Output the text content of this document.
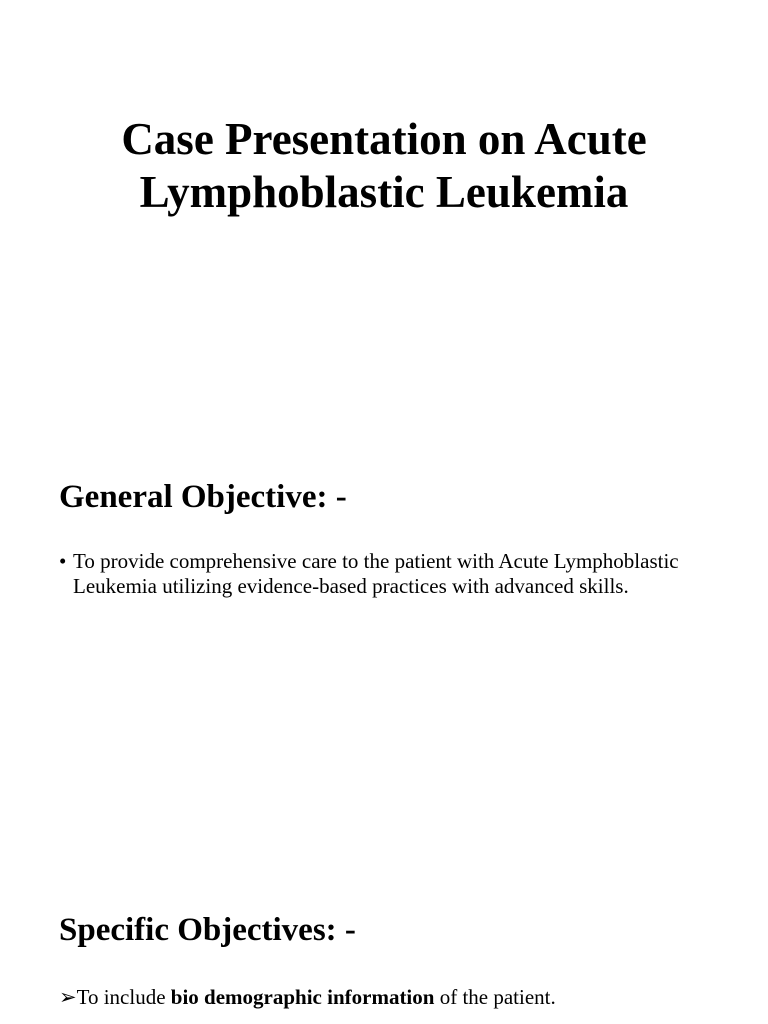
Case Presentation on Acute
Lymphoblastic Leukemia
General Objective: -
• To provide comprehensive care to the patient with Acute Lymphoblastic Leukemia utilizing evidence-based practices with advanced skills.
Specific Objectives: -
➢To include bio demographic information of the patient.
